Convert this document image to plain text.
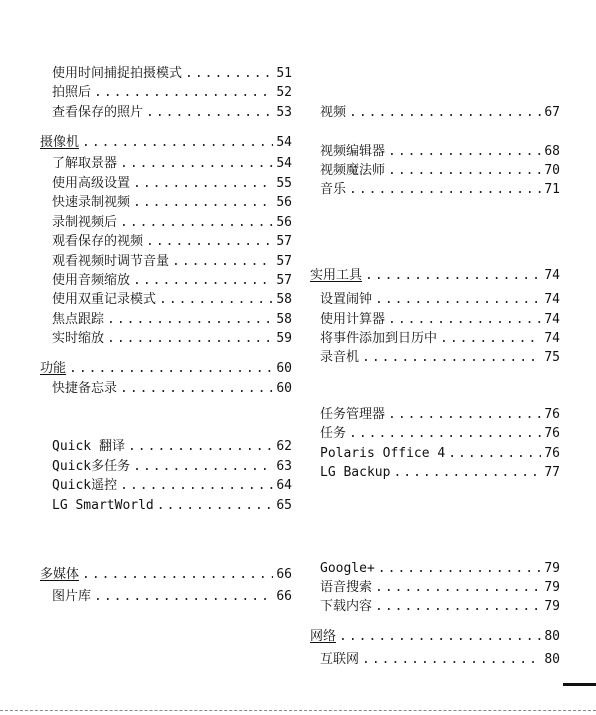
使用时间捕捉拍摄模式 .....	51
拍照后 .....	52
查看保存的照片 .....	53
摄像机 .....	54
了解取景器 .....	54
使用高级设置 .....	55
快速录制视频 .....	56
录制视频后 .....	56
观看保存的视频 .....	57
观看视频时调节音量 .....	57
使用音频缩放 .....	57
使用双重记录模式 .....	58
焦点跟踪 .....	58
实时缩放 .....	59
功能 .....	60
快捷备忘录 .....	60
Quick 翻译 .....	62
Quick多任务 .....	63
Quick遥控 .....	64
LG SmartWorld .....	65
多媒体 .....	66
图片库 .....	66
视频 .....	67
视频编辑器 .....	68
视频魔法师 .....	70
音乐 .....	71
实用工具 .....	74
设置闹钟 .....	74
使用计算器 .....	74
将事件添加到日历中 .....	74
录音机 .....	75
任务管理器 .....	76
任务 .....	76
Polaris Office 4 .....	76
LG Backup .....	77
Google+ .....	79
语音搜索 .....	79
下载内容 .....	79
网络 .....	80
互联网 .....	80
